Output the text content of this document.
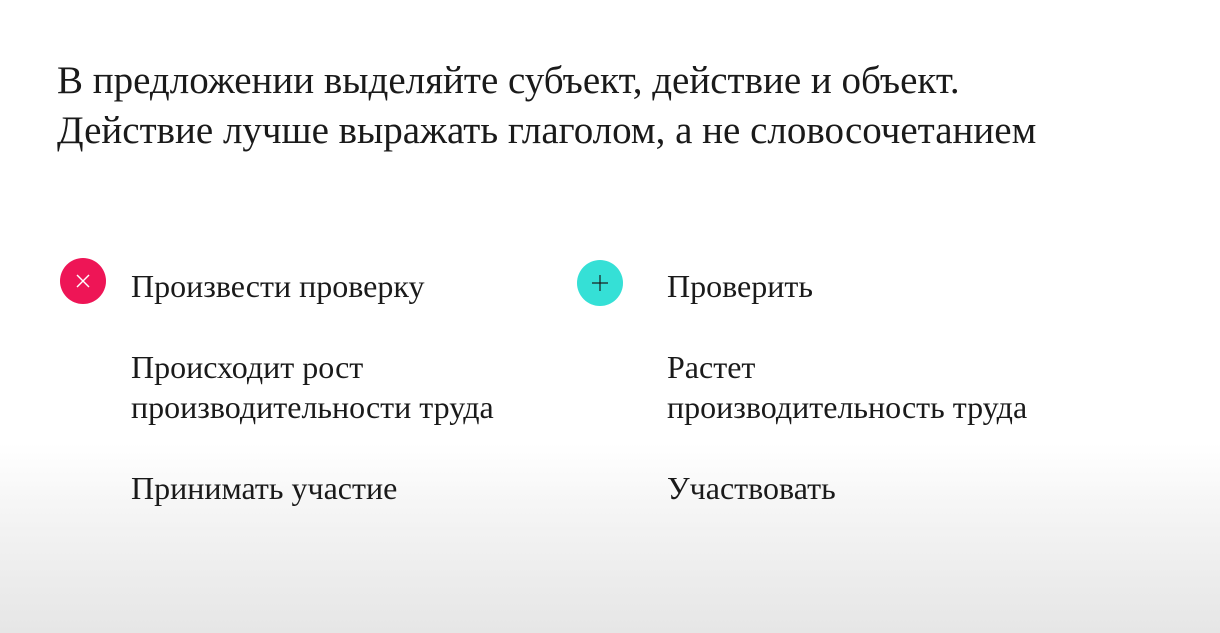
В предложении выделяйте субъект, действие и объект.
Действие лучше выражать глаголом, а не словосочетанием

Произвести проверку

Происходит рост
производительности труда

Принимать участие

Проверить

Растет
производительность труда

Участвовать
